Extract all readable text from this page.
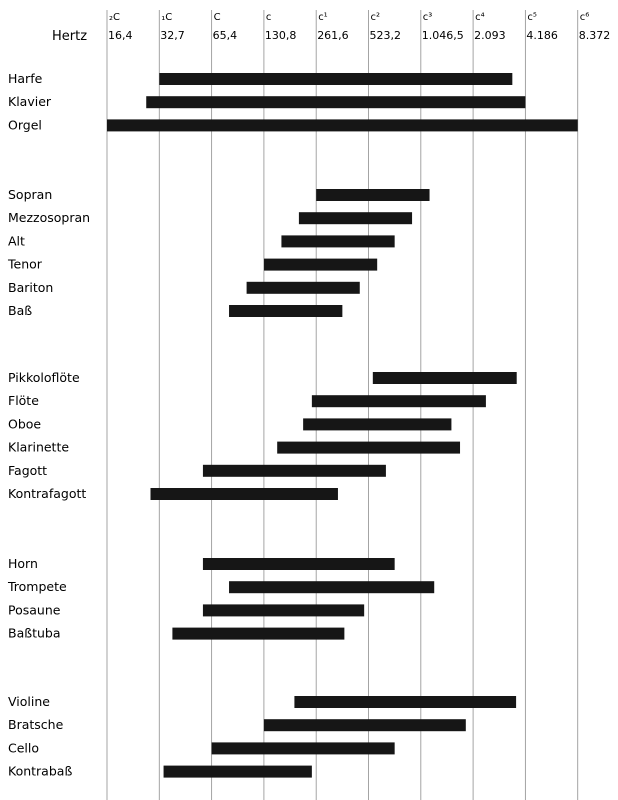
Hertz
₂C
16,4
₁C
32,7
C
65,4
c
130,8
c¹
261,6
c²
523,2
c³
1.046,5
c⁴
2.093
c⁵
4.186
c⁶
8.372
Harfe
Klavier
Orgel
Sopran
Mezzosopran
Alt
Tenor
Bariton
Baß
Pikkoloflöte
Flöte
Oboe
Klarinette
Fagott
Kontrafagott
Horn
Trompete
Posaune
Baßtuba
Violine
Bratsche
Cello
Kontrabaß
